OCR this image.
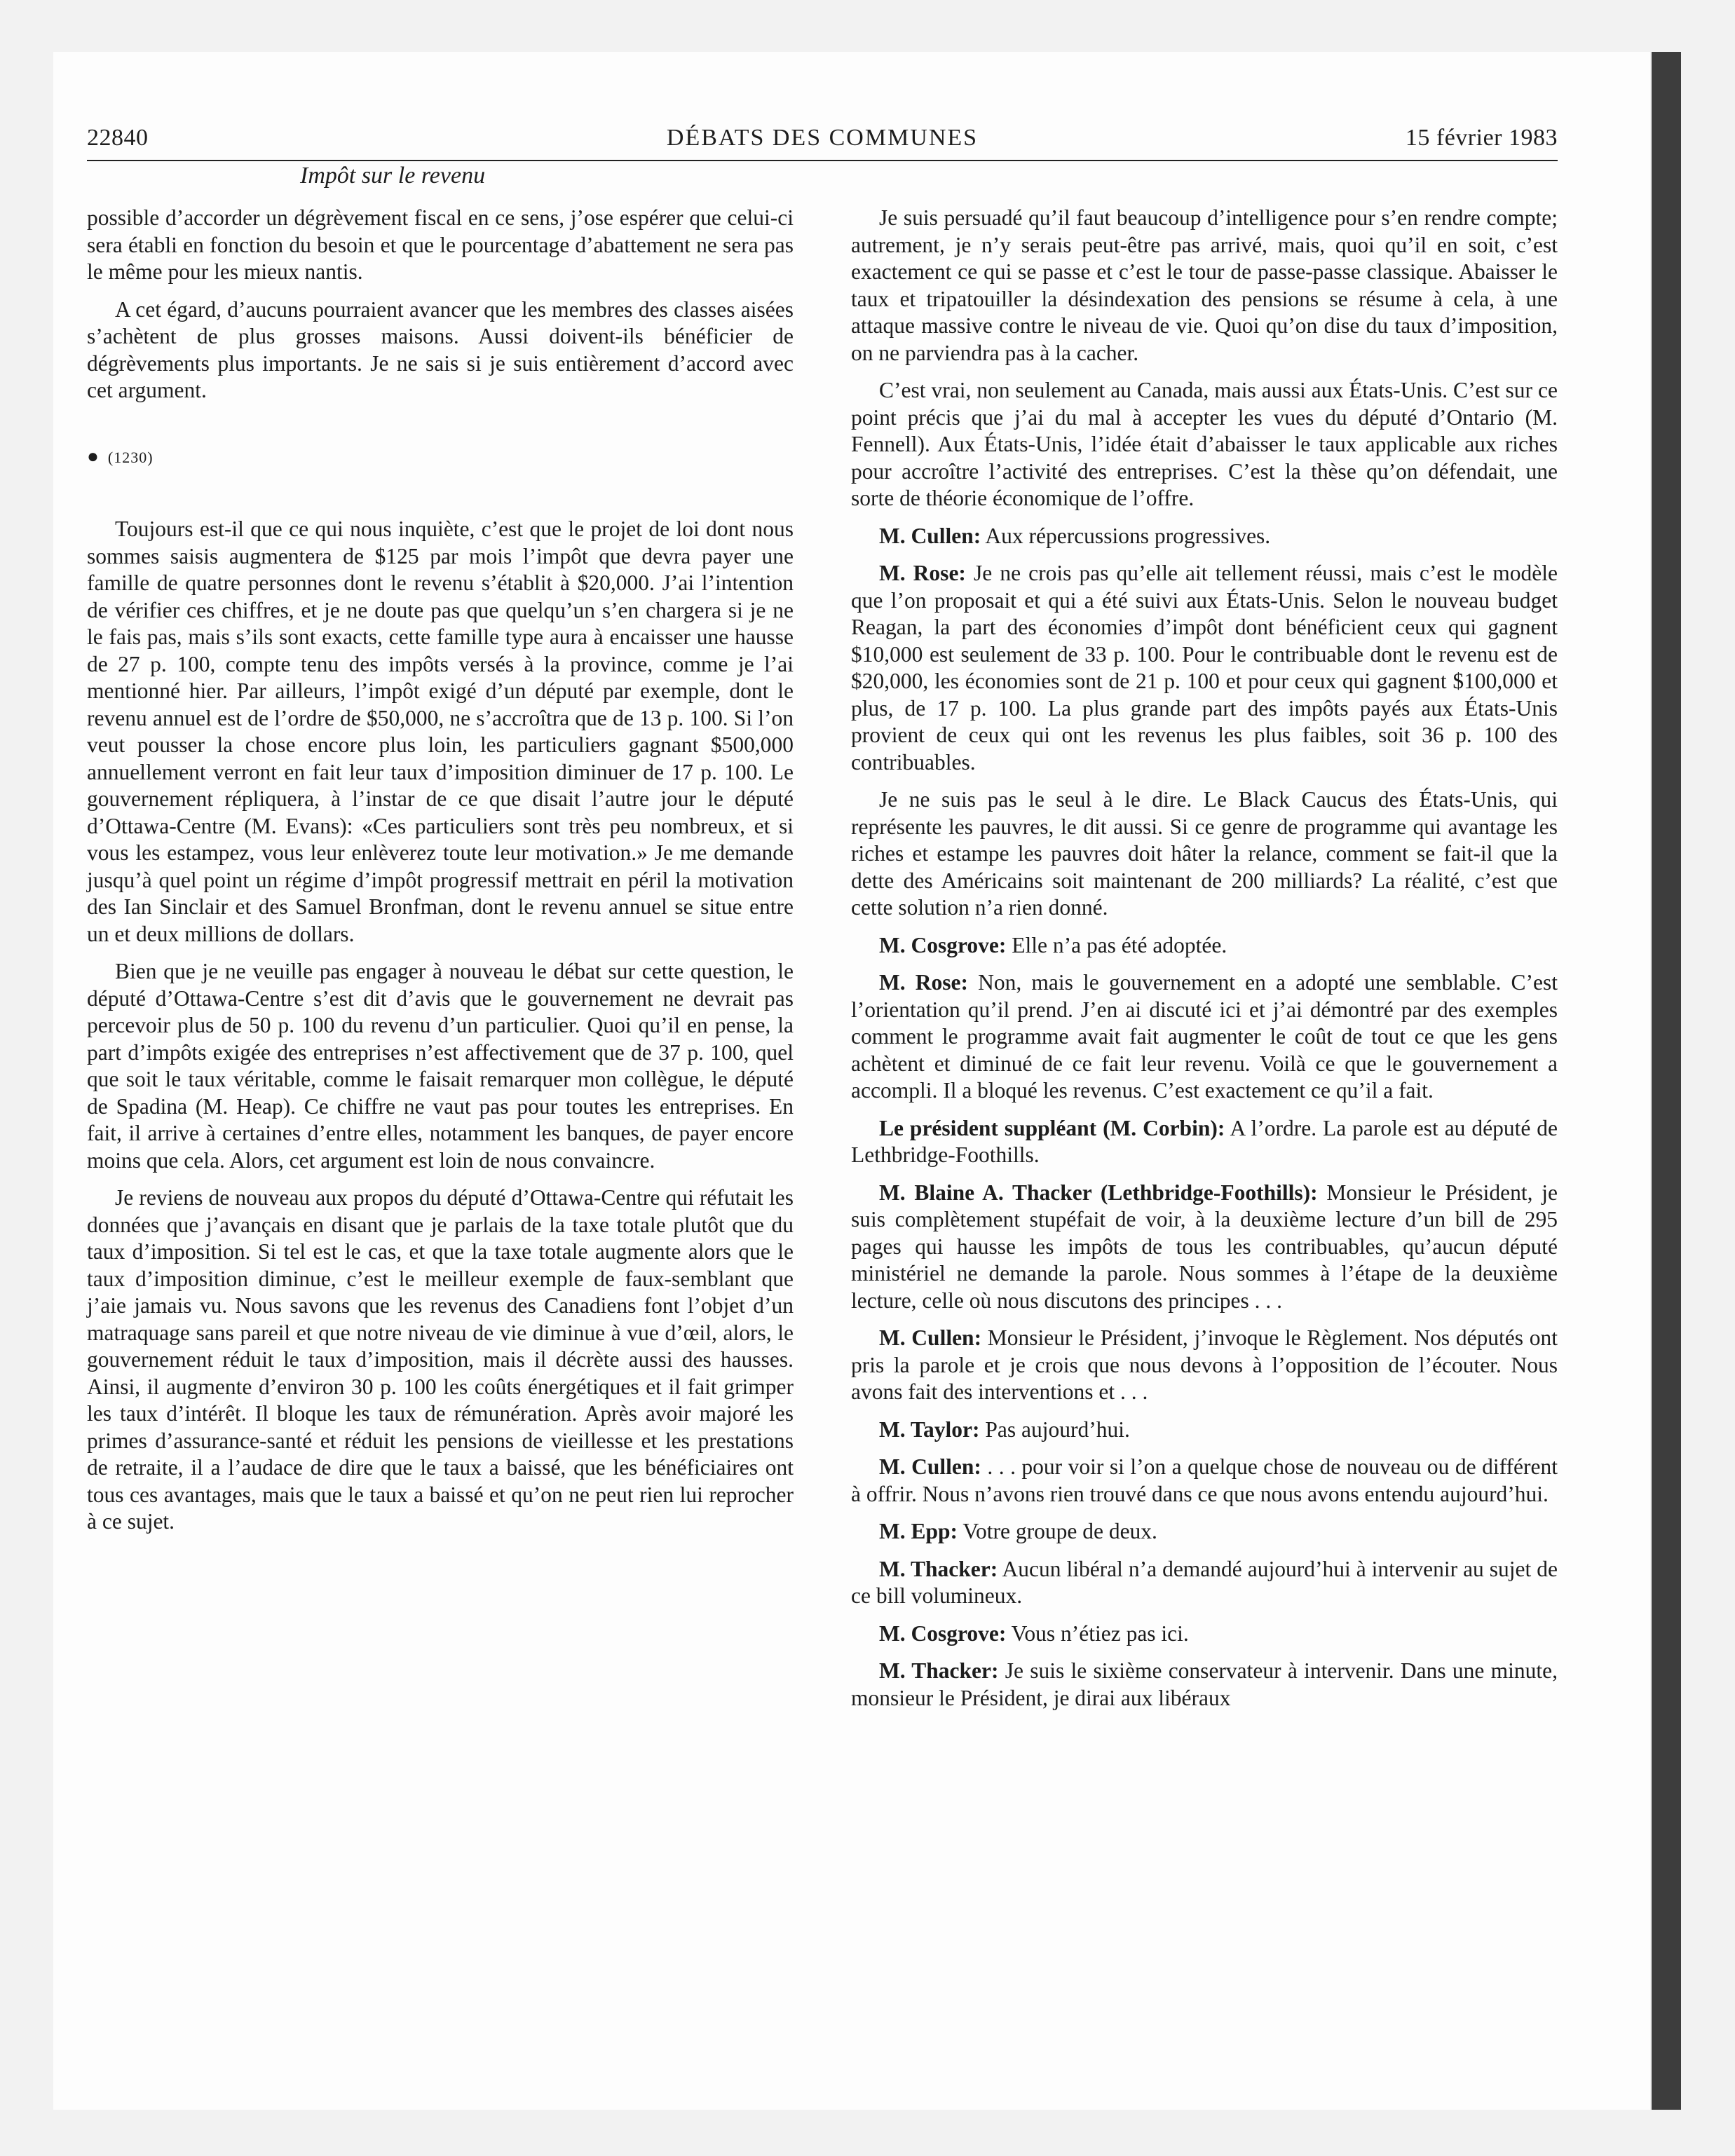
22840	DÉBATS DES COMMUNES	15 février 1983
Impôt sur le revenu

possible d’accorder un dégrèvement fiscal en ce sens, j’ose espérer que celui-ci sera établi en fonction du besoin et que le pourcentage d’abattement ne sera pas le même pour les mieux nantis.

A cet égard, d’aucuns pourraient avancer que les membres des classes aisées s’achètent de plus grosses maisons. Aussi doivent-ils bénéficier de dégrèvements plus importants. Je ne sais si je suis entièrement d’accord avec cet argument.

● (1230)

Toujours est-il que ce qui nous inquiète, c’est que le projet de loi dont nous sommes saisis augmentera de $125 par mois l’impôt que devra payer une famille de quatre personnes dont le revenu s’établit à $20,000. J’ai l’intention de vérifier ces chiffres, et je ne doute pas que quelqu’un s’en chargera si je ne le fais pas, mais s’ils sont exacts, cette famille type aura à encaisser une hausse de 27 p. 100, compte tenu des impôts versés à la province, comme je l’ai mentionné hier. Par ailleurs, l’impôt exigé d’un député par exemple, dont le revenu annuel est de l’ordre de $50,000, ne s’accroîtra que de 13 p. 100. Si l’on veut pousser la chose encore plus loin, les particuliers gagnant $500,000 annuellement verront en fait leur taux d’imposition diminuer de 17 p. 100. Le gouvernement répliquera, à l’instar de ce que disait l’autre jour le député d’Ottawa-Centre (M. Evans): «Ces particuliers sont très peu nombreux, et si vous les estampez, vous leur enlèverez toute leur motivation.» Je me demande jusqu’à quel point un régime d’impôt progressif mettrait en péril la motivation des Ian Sinclair et des Samuel Bronfman, dont le revenu annuel se situe entre un et deux millions de dollars.

Bien que je ne veuille pas engager à nouveau le débat sur cette question, le député d’Ottawa-Centre s’est dit d’avis que le gouvernement ne devrait pas percevoir plus de 50 p. 100 du revenu d’un particulier. Quoi qu’il en pense, la part d’impôts exigée des entreprises n’est affectivement que de 37 p. 100, quel que soit le taux véritable, comme le faisait remarquer mon collègue, le député de Spadina (M. Heap). Ce chiffre ne vaut pas pour toutes les entreprises. En fait, il arrive à certaines d’entre elles, notamment les banques, de payer encore moins que cela. Alors, cet argument est loin de nous convaincre.

Je reviens de nouveau aux propos du député d’Ottawa-Centre qui réfutait les données que j’avançais en disant que je parlais de la taxe totale plutôt que du taux d’imposition. Si tel est le cas, et que la taxe totale augmente alors que le taux d’imposition diminue, c’est le meilleur exemple de faux-semblant que j’aie jamais vu. Nous savons que les revenus des Canadiens font l’objet d’un matraquage sans pareil et que notre niveau de vie diminue à vue d’œil, alors, le gouvernement réduit le taux d’imposition, mais il décrète aussi des hausses. Ainsi, il augmente d’environ 30 p. 100 les coûts énergétiques et il fait grimper les taux d’intérêt. Il bloque les taux de rémunération. Après avoir majoré les primes d’assurance-santé et réduit les pensions de vieillesse et les prestations de retraite, il a l’audace de dire que le taux a baissé, que les bénéficiaires ont tous ces avantages, mais que le taux a baissé et qu’on ne peut rien lui reprocher à ce sujet.

Je suis persuadé qu’il faut beaucoup d’intelligence pour s’en rendre compte; autrement, je n’y serais peut-être pas arrivé, mais, quoi qu’il en soit, c’est exactement ce qui se passe et c’est le tour de passe-passe classique. Abaisser le taux et tripatouiller la désindexation des pensions se résume à cela, à une attaque massive contre le niveau de vie. Quoi qu’on dise du taux d’imposition, on ne parviendra pas à la cacher.

C’est vrai, non seulement au Canada, mais aussi aux États-Unis. C’est sur ce point précis que j’ai du mal à accepter les vues du député d’Ontario (M. Fennell). Aux États-Unis, l’idée était d’abaisser le taux applicable aux riches pour accroître l’activité des entreprises. C’est la thèse qu’on défendait, une sorte de théorie économique de l’offre.

M. Cullen: Aux répercussions progressives.

M. Rose: Je ne crois pas qu’elle ait tellement réussi, mais c’est le modèle que l’on proposait et qui a été suivi aux États-Unis. Selon le nouveau budget Reagan, la part des économies d’impôt dont bénéficient ceux qui gagnent $10,000 est seulement de 33 p. 100. Pour le contribuable dont le revenu est de $20,000, les économies sont de 21 p. 100 et pour ceux qui gagnent $100,000 et plus, de 17 p. 100. La plus grande part des impôts payés aux États-Unis provient de ceux qui ont les revenus les plus faibles, soit 36 p. 100 des contribuables.

Je ne suis pas le seul à le dire. Le Black Caucus des États-Unis, qui représente les pauvres, le dit aussi. Si ce genre de programme qui avantage les riches et estampe les pauvres doit hâter la relance, comment se fait-il que la dette des Américains soit maintenant de 200 milliards? La réalité, c’est que cette solution n’a rien donné.

M. Cosgrove: Elle n’a pas été adoptée.

M. Rose: Non, mais le gouvernement en a adopté une semblable. C’est l’orientation qu’il prend. J’en ai discuté ici et j’ai démontré par des exemples comment le programme avait fait augmenter le coût de tout ce que les gens achètent et diminué de ce fait leur revenu. Voilà ce que le gouvernement a accompli. Il a bloqué les revenus. C’est exactement ce qu’il a fait.

Le président suppléant (M. Corbin): A l’ordre. La parole est au député de Lethbridge-Foothills.

M. Blaine A. Thacker (Lethbridge-Foothills): Monsieur le Président, je suis complètement stupéfait de voir, à la deuxième lecture d’un bill de 295 pages qui hausse les impôts de tous les contribuables, qu’aucun député ministériel ne demande la parole. Nous sommes à l’étape de la deuxième lecture, celle où nous discutons des principes . . .

M. Cullen: Monsieur le Président, j’invoque le Règlement. Nos députés ont pris la parole et je crois que nous devons à l’opposition de l’écouter. Nous avons fait des interventions et . . .

M. Taylor: Pas aujourd’hui.

M. Cullen: . . . pour voir si l’on a quelque chose de nouveau ou de différent à offrir. Nous n’avons rien trouvé dans ce que nous avons entendu aujourd’hui.

M. Epp: Votre groupe de deux.

M. Thacker: Aucun libéral n’a demandé aujourd’hui à intervenir au sujet de ce bill volumineux.

M. Cosgrove: Vous n’étiez pas ici.

M. Thacker: Je suis le sixième conservateur à intervenir. Dans une minute, monsieur le Président, je dirai aux libéraux
